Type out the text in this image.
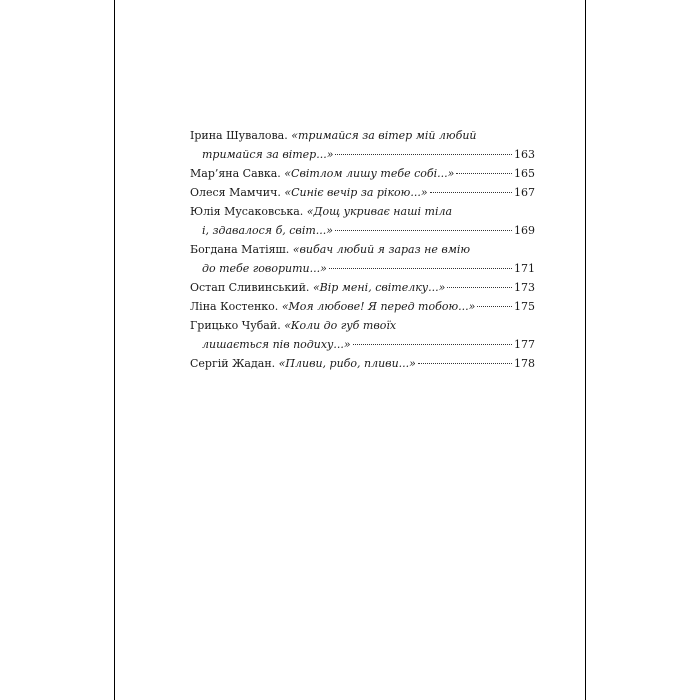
Ірина Шувалова.
«тримайся за вітер мій любий
тримайся за вітер...»	163
Мар’яна Савка.
«Світлом лишу тебе собі...»	165
Олеся Мамчич.
«Синіє вечір за рікою...»	167
Юлія Мусаковська.
«Дощ укриває наші тіла
і, здавалося б, світ...»	169
Богдана Матіяш.
«вибач любий я зараз не вмію
до тебе говорити...»	171
Остап Сливинський.
«Вір мені, світелку...»	173
Ліна Костенко.
«Моя любове! Я перед тобою...»	175
Грицько Чубай.
«Коли до губ твоїх
лишається пів подиху...»	177
Сергій Жадан.
«Пливи, рибо, пливи...»	178
